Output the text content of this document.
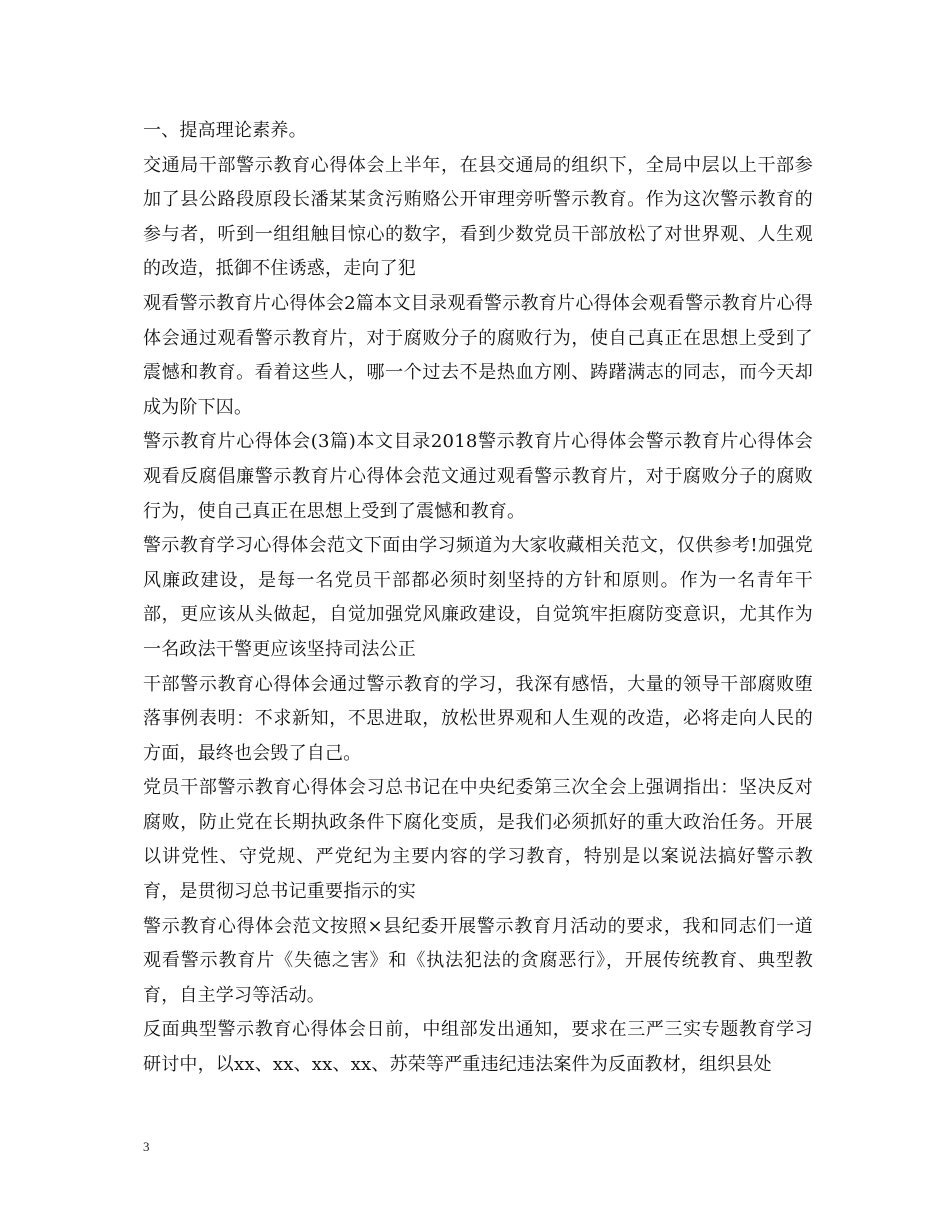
一、提高理论素养。

交通局干部警示教育心得体会上半年，在县交通局的组织下，全局中层以上干部参加了县公路段原段长潘某某贪污贿赂公开审理旁听警示教育。作为这次警示教育的参与者，听到一组组触目惊心的数字，看到少数党员干部放松了对世界观、人生观的改造，抵御不住诱惑，走向了犯

观看警示教育片心得体会2篇本文目录观看警示教育片心得体会观看警示教育片心得体会通过观看警示教育片，对于腐败分子的腐败行为，使自己真正在思想上受到了震憾和教育。看着这些人，哪一个过去不是热血方刚、踌躇满志的同志，而今天却成为阶下囚。

警示教育片心得体会(3篇)本文目录2018警示教育片心得体会警示教育片心得体会观看反腐倡廉警示教育片心得体会范文通过观看警示教育片，对于腐败分子的腐败行为，使自己真正在思想上受到了震憾和教育。

警示教育学习心得体会范文下面由学习频道为大家收藏相关范文，仅供参考!加强党风廉政建设，是每一名党员干部都必须时刻坚持的方针和原则。作为一名青年干部，更应该从头做起，自觉加强党风廉政建设，自觉筑牢拒腐防变意识，尤其作为一名政法干警更应该坚持司法公正

干部警示教育心得体会通过警示教育的学习，我深有感悟，大量的领导干部腐败堕落事例表明：不求新知，不思进取，放松世界观和人生观的改造，必将走向人民的方面，最终也会毁了自己。

党员干部警示教育心得体会习总书记在中央纪委第三次全会上强调指出：坚决反对腐败，防止党在长期执政条件下腐化变质，是我们必须抓好的重大政治任务。开展以讲党性、守党规、严党纪为主要内容的学习教育，特别是以案说法搞好警示教育，是贯彻习总书记重要指示的实

警示教育心得体会范文按照×县纪委开展警示教育月活动的要求，我和同志们一道观看警示教育片《失德之害》和《执法犯法的贪腐恶行》，开展传统教育、典型教育，自主学习等活动。

反面典型警示教育心得体会日前，中组部发出通知，要求在三严三实专题教育学习研讨中，以xx、xx、xx、xx、苏荣等严重违纪违法案件为反面教材，组织县处

3
